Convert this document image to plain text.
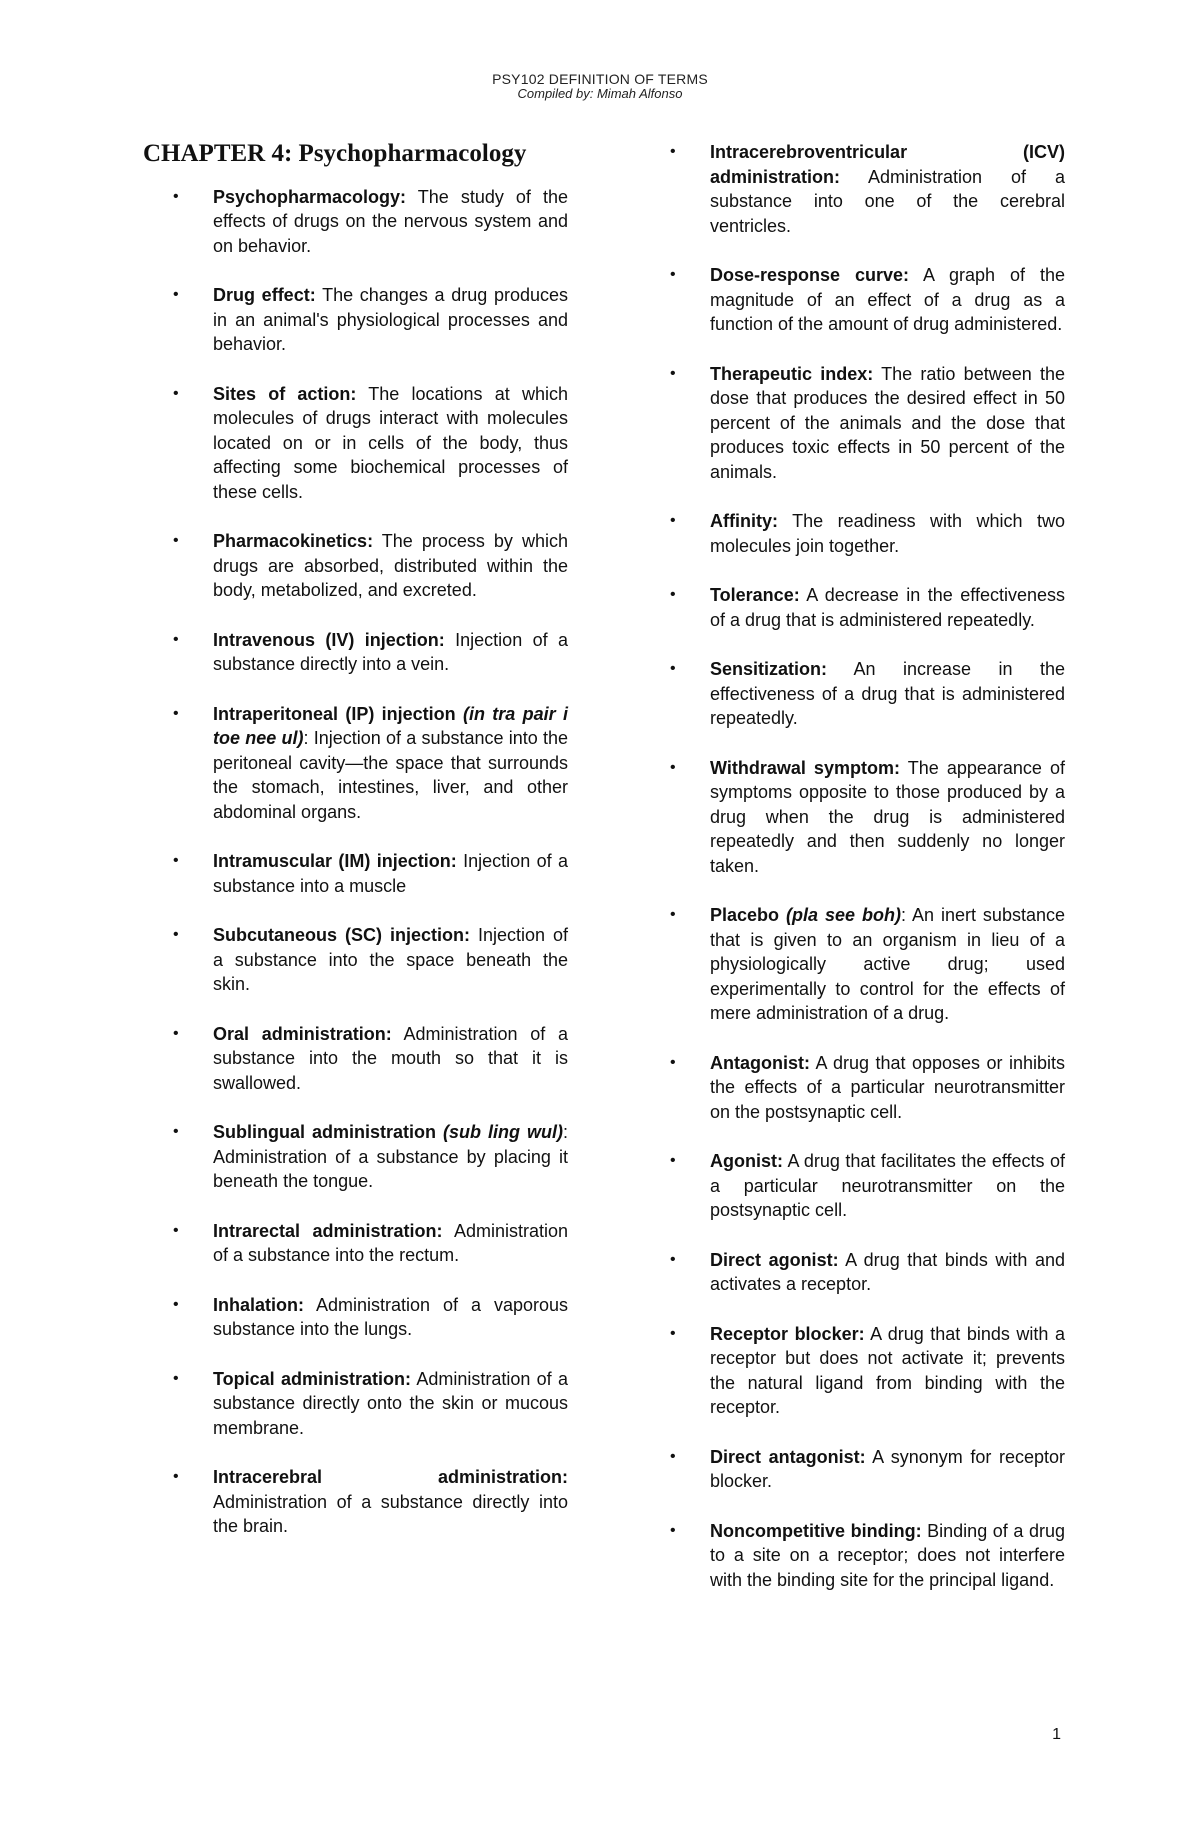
PSY102 DEFINITION OF TERMS
Compiled by: Mimah Alfonso
CHAPTER 4: Psychopharmacology
• Psychopharmacology: The study of the effects of drugs on the nervous system and on behavior.
• Drug effect: The changes a drug produces in an animal's physiological processes and behavior.
• Sites of action: The locations at which molecules of drugs interact with molecules located on or in cells of the body, thus affecting some biochemical processes of these cells.
• Pharmacokinetics: The process by which drugs are absorbed, distributed within the body, metabolized, and excreted.
• Intravenous (IV) injection: Injection of a substance directly into a vein.
• Intraperitoneal (IP) injection (in tra pair i toe nee ul): Injection of a substance into the peritoneal cavity—the space that surrounds the stomach, intestines, liver, and other abdominal organs.
• Intramuscular (IM) injection: Injection of a substance into a muscle
• Subcutaneous (SC) injection: Injection of a substance into the space beneath the skin.
• Oral administration: Administration of a substance into the mouth so that it is swallowed.
• Sublingual administration (sub ling wul): Administration of a substance by placing it beneath the tongue.
• Intrarectal administration: Administration of a substance into the rectum.
• Inhalation: Administration of a vaporous substance into the lungs.
• Topical administration: Administration of a substance directly onto the skin or mucous membrane.
• Intracerebral administration: Administration of a substance directly into the brain.
• Intracerebroventricular (ICV) administration: Administration of a substance into one of the cerebral ventricles.
• Dose-response curve: A graph of the magnitude of an effect of a drug as a function of the amount of drug administered.
• Therapeutic index: The ratio between the dose that produces the desired effect in 50 percent of the animals and the dose that produces toxic effects in 50 percent of the animals.
• Affinity: The readiness with which two molecules join together.
• Tolerance: A decrease in the effectiveness of a drug that is administered repeatedly.
• Sensitization: An increase in the effectiveness of a drug that is administered repeatedly.
• Withdrawal symptom: The appearance of symptoms opposite to those produced by a drug when the drug is administered repeatedly and then suddenly no longer taken.
• Placebo (pla see boh): An inert substance that is given to an organism in lieu of a physiologically active drug; used experimentally to control for the effects of mere administration of a drug.
• Antagonist: A drug that opposes or inhibits the effects of a particular neurotransmitter on the postsynaptic cell.
• Agonist: A drug that facilitates the effects of a particular neurotransmitter on the postsynaptic cell.
• Direct agonist: A drug that binds with and activates a receptor.
• Receptor blocker: A drug that binds with a receptor but does not activate it; prevents the natural ligand from binding with the receptor.
• Direct antagonist: A synonym for receptor blocker.
• Noncompetitive binding: Binding of a drug to a site on a receptor; does not interfere with the binding site for the principal ligand.
1
